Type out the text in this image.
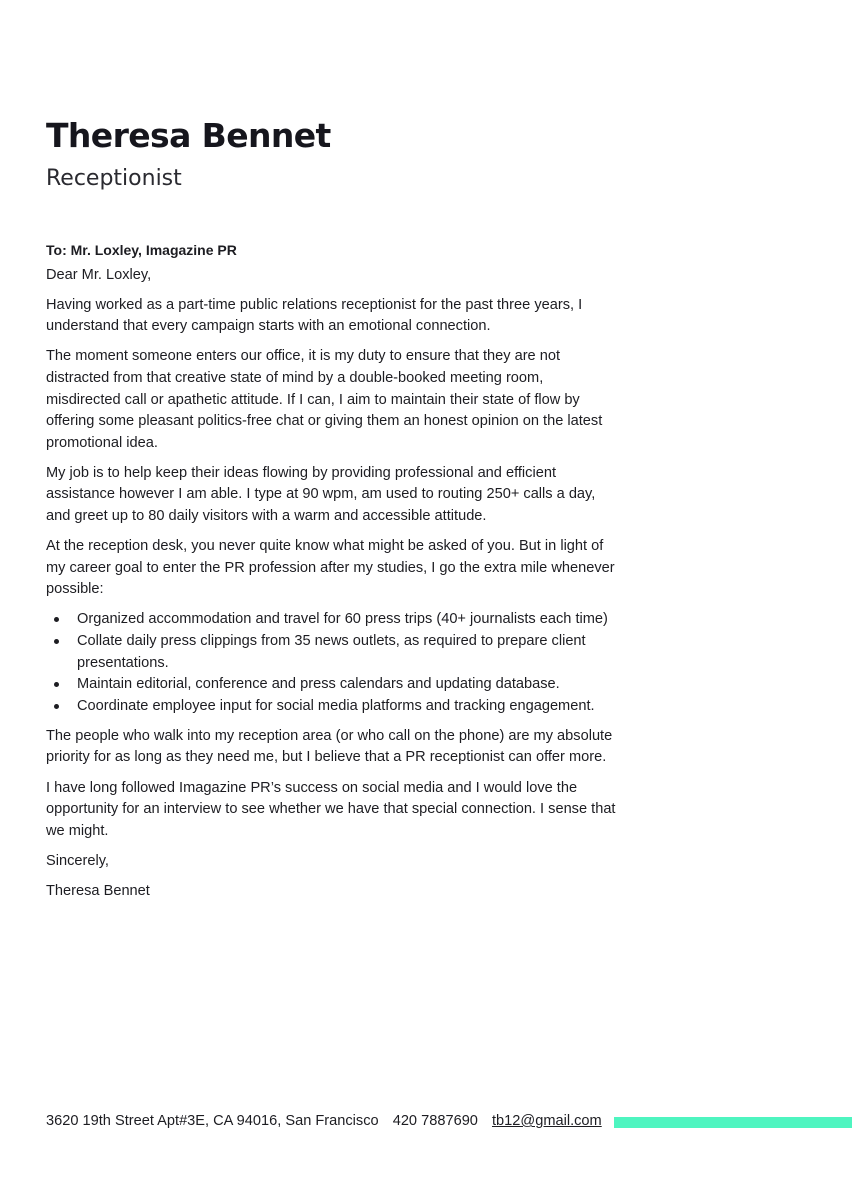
Theresa Bennet
Receptionist
To: Mr. Loxley, Imagazine PR

Dear Mr. Loxley,

Having worked as a part-time public relations receptionist for the past three years, I understand that every campaign starts with an emotional connection.

The moment someone enters our office, it is my duty to ensure that they are not distracted from that creative state of mind by a double-booked meeting room, misdirected call or apathetic attitude. If I can, I aim to maintain their state of flow by offering some pleasant politics-free chat or giving them an honest opinion on the latest promotional idea.

My job is to help keep their ideas flowing by providing professional and efficient assistance however I am able. I type at 90 wpm, am used to routing 250+ calls a day, and greet up to 80 daily visitors with a warm and accessible attitude.

At the reception desk, you never quite know what might be asked of you. But in light of my career goal to enter the PR profession after my studies, I go the extra mile whenever possible:

Organized accommodation and travel for 60 press trips (40+ journalists each time)
Collate daily press clippings from 35 news outlets, as required to prepare client presentations.
Maintain editorial, conference and press calendars and updating database.
Coordinate employee input for social media platforms and tracking engagement.

The people who walk into my reception area (or who call on the phone) are my absolute priority for as long as they need me, but I believe that a PR receptionist can offer more.

I have long followed Imagazine PR’s success on social media and I would love the opportunity for an interview to see whether we have that special connection. I sense that we might.

Sincerely,

Theresa Bennet

3620 19th Street Apt#3E, CA 94016, San Francisco 420 7887690 tb12@gmail.com
